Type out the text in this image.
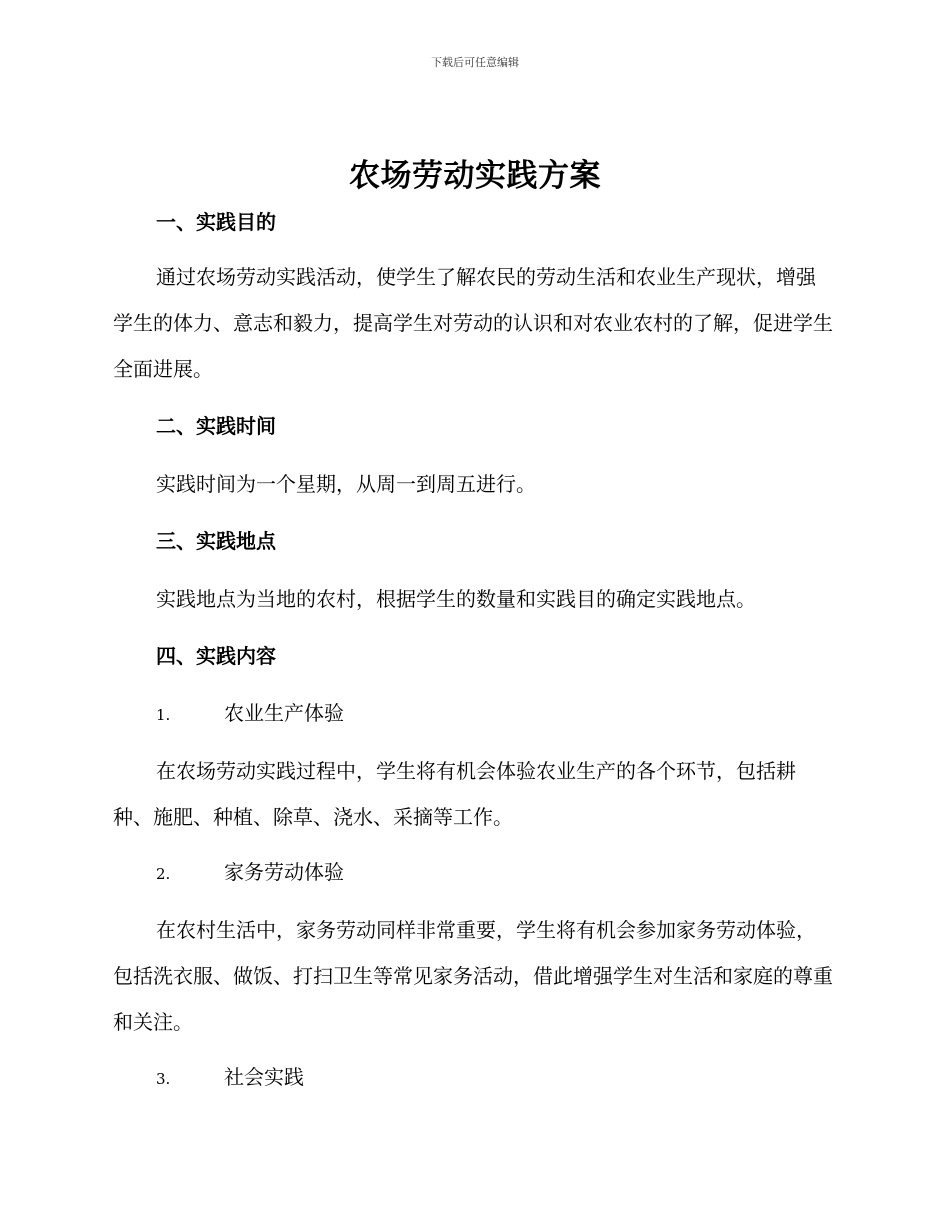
下载后可任意编辑
农场劳动实践方案
一、实践目的
通过农场劳动实践活动，使学生了解农民的劳动生活和农业生产现状，增强学生的体力、意志和毅力，提高学生对劳动的认识和对农业农村的了解，促进学生全面进展。
二、实践时间
实践时间为一个星期，从周一到周五进行。
三、实践地点
实践地点为当地的农村，根据学生的数量和实践目的确定实践地点。
四、实践内容
1.	农业生产体验
在农场劳动实践过程中，学生将有机会体验农业生产的各个环节，包括耕种、施肥、种植、除草、浇水、采摘等工作。
2.	家务劳动体验
在农村生活中，家务劳动同样非常重要，学生将有机会参加家务劳动体验，包括洗衣服、做饭、打扫卫生等常见家务活动，借此增强学生对生活和家庭的尊重和关注。
3.	社会实践
